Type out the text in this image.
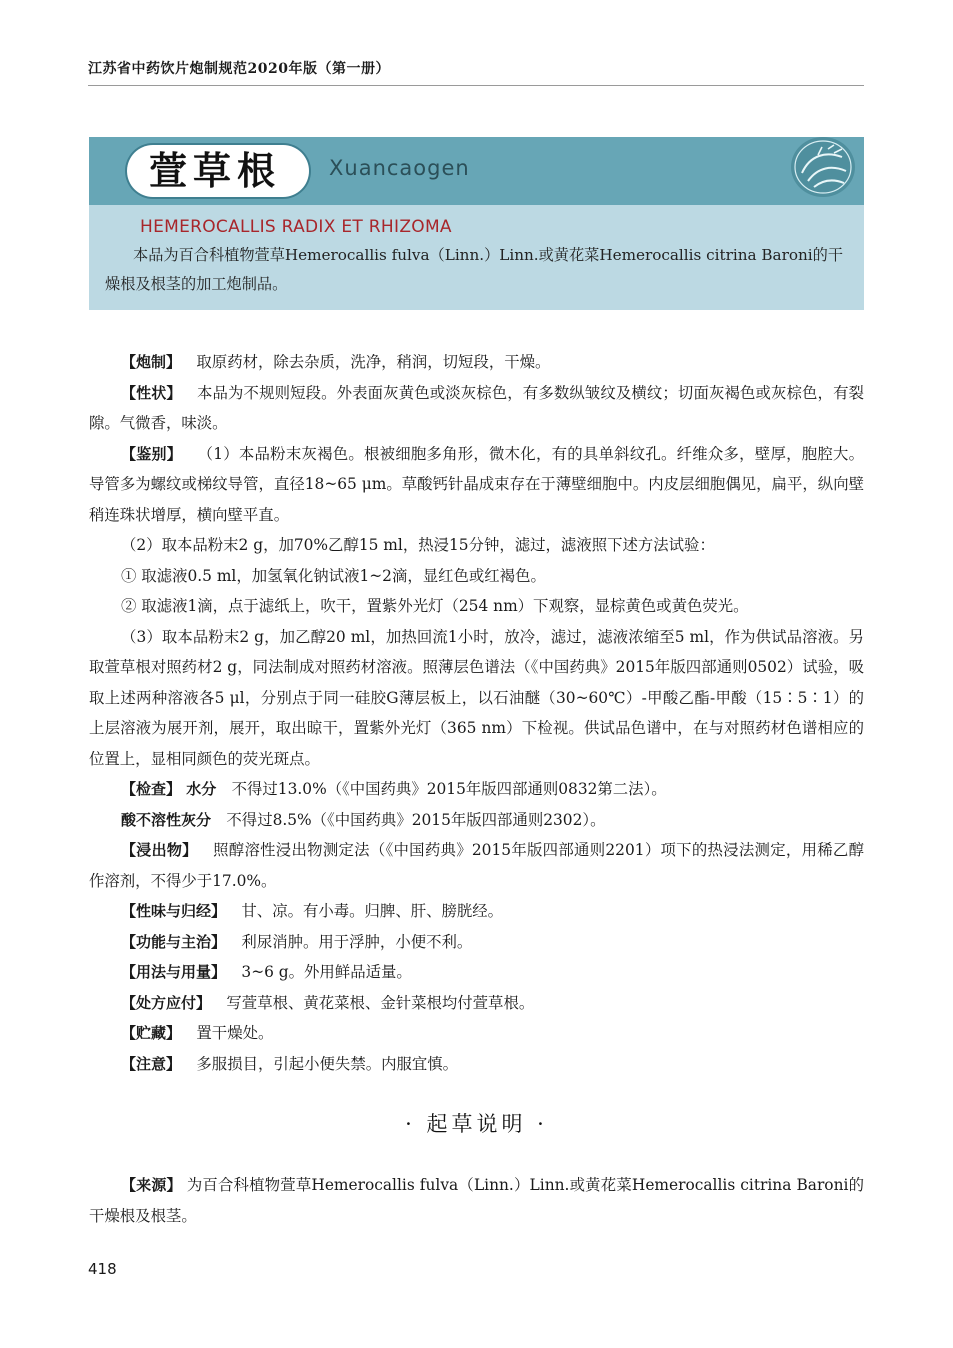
江苏省中药饮片炮制规范2020年版（第一册）
萱草根 Xuancaogen
HEMEROCALLIS RADIX ET RHIZOMA
本品为百合科植物萱草Hemerocallis fulva（Linn.）Linn.或黄花菜Hemerocallis citrina Baroni的干燥根及根茎的加工炮制品。

【炮制】  取原药材，除去杂质，洗净，稍润，切短段，干燥。

【性状】  本品为不规则短段。外表面灰黄色或淡灰棕色，有多数纵皱纹及横纹；切面灰褐色或灰棕色，有裂隙。气微香，味淡。

【鉴别】  （1）本品粉末灰褐色。根被细胞多角形，微木化，有的具单斜纹孔。纤维众多，壁厚，胞腔大。导管多为螺纹或梯纹导管，直径18~65 μm。草酸钙针晶成束存在于薄壁细胞中。内皮层细胞偶见，扁平，纵向壁稍连珠状增厚，横向壁平直。

（2）取本品粉末2 g，加70%乙醇15 ml，热浸15分钟，滤过，滤液照下述方法试验：

① 取滤液0.5 ml，加氢氧化钠试液1~2滴，显红色或红褐色。

② 取滤液1滴，点于滤纸上，吹干，置紫外光灯（254 nm）下观察，显棕黄色或黄色荧光。

（3）取本品粉末2 g，加乙醇20 ml，加热回流1小时，放冷，滤过，滤液浓缩至5 ml，作为供试品溶液。另取萱草根对照药材2 g，同法制成对照药材溶液。照薄层色谱法（《中国药典》2015年版四部通则0502）试验，吸取上述两种溶液各5 μl，分别点于同一硅胶G薄层板上，以石油醚（30~60℃）-甲酸乙酯-甲酸（15∶5∶1）的上层溶液为展开剂，展开，取出晾干，置紫外光灯（365 nm）下检视。供试品色谱中，在与对照药材色谱相应的位置上，显相同颜色的荧光斑点。

【检查】 水分  不得过13.0%（《中国药典》2015年版四部通则0832第二法）。

酸不溶性灰分  不得过8.5%（《中国药典》2015年版四部通则2302）。

【浸出物】  照醇溶性浸出物测定法（《中国药典》2015年版四部通则2201）项下的热浸法测定，用稀乙醇作溶剂，不得少于17.0%。

【性味与归经】  甘、凉。有小毒。归脾、肝、膀胱经。

【功能与主治】  利尿消肿。用于浮肿，小便不利。

【用法与用量】  3~6 g。外用鲜品适量。

【处方应付】  写萱草根、黄花菜根、金针菜根均付萱草根。

【贮藏】  置干燥处。

【注意】  多服损目，引起小便失禁。内服宜慎。

· 起草说明 ·

【来源】 为百合科植物萱草Hemerocallis fulva（Linn.）Linn.或黄花菜Hemerocallis citrina Baroni的干燥根及根茎。

418
